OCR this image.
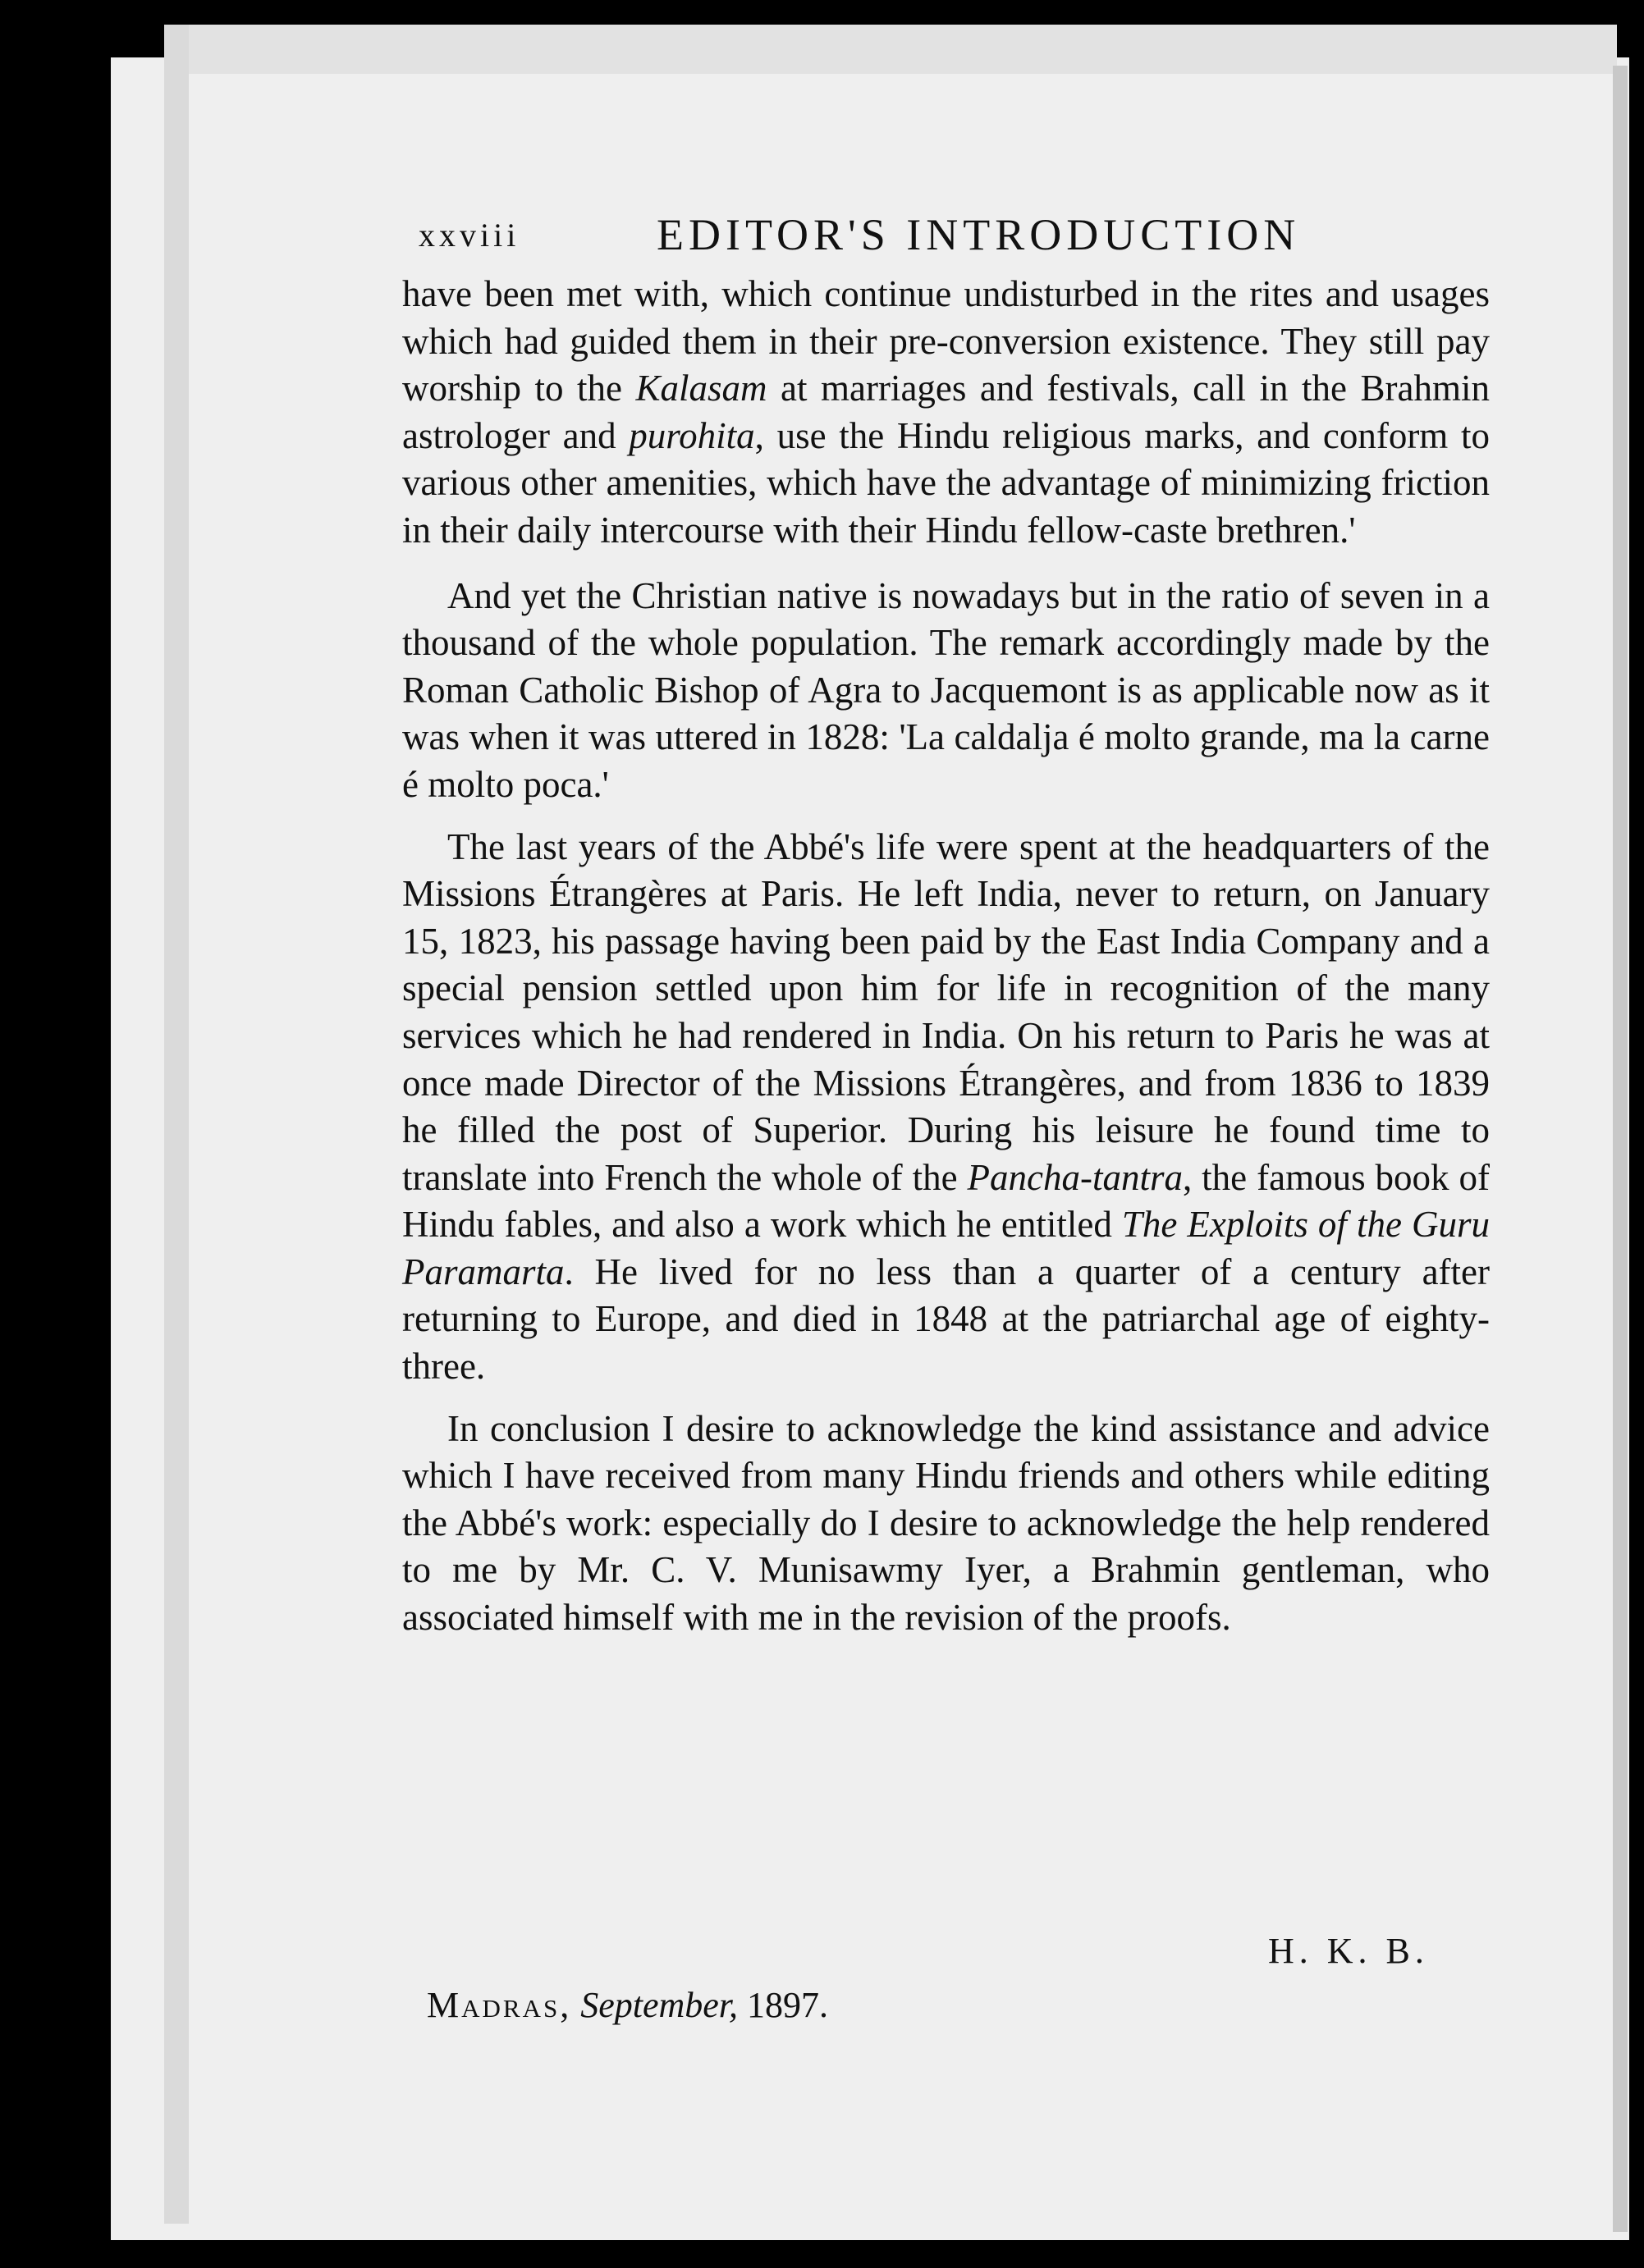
xxviii	EDITOR'S INTRODUCTION

have been met with, which continue undisturbed in the rites and usages which had guided them in their pre-conversion existence. They still pay worship to the Kalasam at marriages and festivals, call in the Brahmin astrologer and purohita, use the Hindu religious marks, and conform to various other amenities, which have the advantage of minimizing friction in their daily intercourse with their Hindu fellow-caste brethren.'

And yet the Christian native is nowadays but in the ratio of seven in a thousand of the whole population. The remark accordingly made by the Roman Catholic Bishop of Agra to Jacquemont is as applicable now as it was when it was uttered in 1828: 'La caldalja é molto grande, ma la carne é molto poca.'

The last years of the Abbé's life were spent at the headquarters of the Missions Étrangères at Paris. He left India, never to return, on January 15, 1823, his passage having been paid by the East India Company and a special pension settled upon him for life in recognition of the many services which he had rendered in India. On his return to Paris he was at once made Director of the Missions Étrangères, and from 1836 to 1839 he filled the post of Superior. During his leisure he found time to translate into French the whole of the Pancha-tantra, the famous book of Hindu fables, and also a work which he entitled The Exploits of the Guru Paramarta. He lived for no less than a quarter of a century after returning to Europe, and died in 1848 at the patriarchal age of eighty-three.

In conclusion I desire to acknowledge the kind assistance and advice which I have received from many Hindu friends and others while editing the Abbé's work: especially do I desire to acknowledge the help rendered to me by Mr. C. V. Munisawmy Iyer, a Brahmin gentleman, who associated himself with me in the revision of the proofs.

H. K. B.
Madras, September, 1897.
